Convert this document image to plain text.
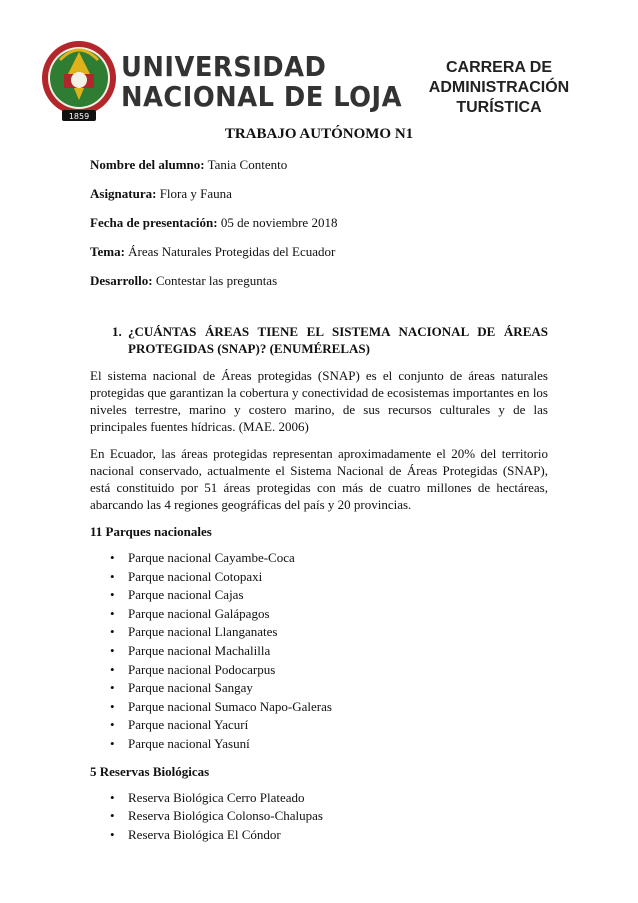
1859
UNIVERSIDAD
NACIONAL DE LOJA
CARRERA DE
ADMINISTRACIÓN
TURÍSTICA
TRABAJO AUTÓNOMO N1
Nombre del alumno: Tania Contento
Asignatura: Flora y Fauna
Fecha de presentación: 05 de noviembre 2018
Tema: Áreas Naturales Protegidas del Ecuador
Desarrollo: Contestar las preguntas
1. ¿CUÁNTAS ÁREAS TIENE EL SISTEMA NACIONAL DE ÁREAS PROTEGIDAS (SNAP)? (ENUMÉRELAS)

El sistema nacional de Áreas protegidas (SNAP) es el conjunto de áreas naturales protegidas que garantizan la cobertura y conectividad de ecosistemas importantes en los niveles terrestre, marino y costero marino, de sus recursos culturales y de las principales fuentes hídricas. (MAE. 2006)

En Ecuador, las áreas protegidas representan aproximadamente el 20% del territorio nacional conservado, actualmente el Sistema Nacional de Áreas Protegidas (SNAP), está constituido por 51 áreas protegidas con más de cuatro millones de hectáreas, abarcando las 4 regiones geográficas del país y 20 provincias.

11 Parques nacionales
• Parque nacional Cayambe-Coca
• Parque nacional Cotopaxi
• Parque nacional Cajas
• Parque nacional Galápagos
• Parque nacional Llanganates
• Parque nacional Machalilla
• Parque nacional Podocarpus
• Parque nacional Sangay
• Parque nacional Sumaco Napo-Galeras
• Parque nacional Yacurí
• Parque nacional Yasuní
5 Reservas Biológicas
• Reserva Biológica Cerro Plateado
• Reserva Biológica Colonso-Chalupas
• Reserva Biológica El Cóndor
